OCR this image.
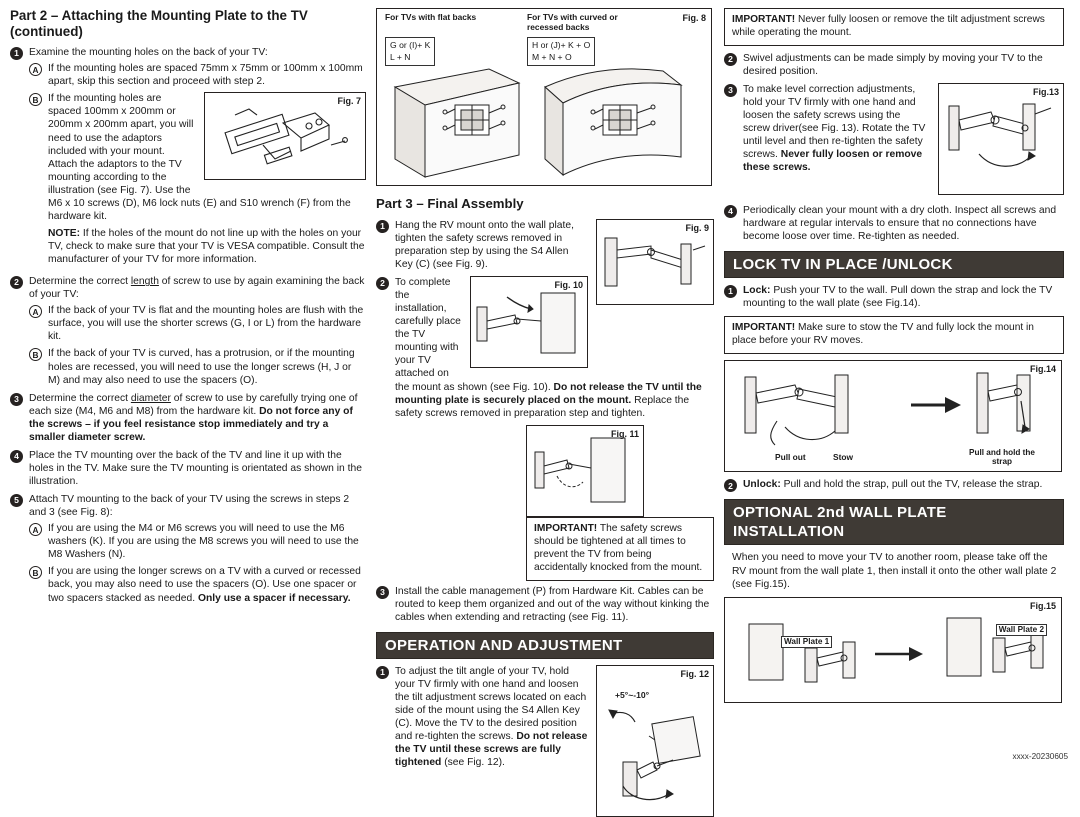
Part 2 – Attaching the Mounting Plate to the TV (continued)
1 Examine the mounting holes on the back of your TV:
A If the mounting holes are spaced 75mm x 75mm or 100mm x 100mm apart, skip this section and proceed with step 2.
Fig. 7
B If the mounting holes are spaced 100mm x 200mm or 200mm x 200mm apart, you will need to use the adaptors included with your mount. Attach the adaptors to the TV mounting according to the illustration (see Fig. 7). Use the M6 x 10 screws (D), M6 lock nuts (E) and S10 wrench (F) from the hardware kit.
NOTE: If the holes of the mount do not line up with the holes on your TV, check to make sure that your TV is VESA compatible. Consult the manufacturer of your TV for more information.
2 Determine the correct length of screw to use by again examining the back of your TV:
A If the back of your TV is flat and the mounting holes are flush with the surface, you will use the shorter screws (G, I or L) from the hardware kit.
B If the back of your TV is curved, has a protrusion, or if the mounting holes are recessed, you will need to use the longer screws (H, J or M) and may also need to use the spacers (O).
3 Determine the correct diameter of screw to use by carefully trying one of each size (M4, M6 and M8) from the hardware kit. Do not force any of the screws – if you feel resistance stop immediately and try a smaller diameter screw.
4 Place the TV mounting over the back of the TV and line it up with the holes in the TV. Make sure the TV mounting is orientated as shown in the illustration.
5 Attach TV mounting to the back of your TV using the screws in steps 2 and 3 (see Fig. 8):
A If you are using the M4 or M6 screws you will need to use the M6 washers (K). If you are using the M8 screws you will need to use the M8 Washers (N).
B If you are using the longer screws on a TV with a curved or recessed back, you may also need to use the spacers (O). Use one spacer or two spacers stacked as needed. Only use a spacer if necessary.
Fig. 8
For TVs with flat backs	For TVs with curved or recessed backs
G or (I)+ K
L + N
H or (J)+ K + O
M + N + O
Part 3 – Final Assembly
Fig. 9
1 Hang the RV mount onto the wall plate, tighten the safety screws removed in preparation step by using the S4 Allen Key (C) (see Fig. 9).
Fig. 10
2 To complete the installation, carefully place the TV mounting with your TV attached on the mount as shown (see Fig. 10). Do not release the TV until the mounting plate is securely placed on the mount. Replace the safety screws removed in preparation step and tighten.
Fig. 11
IMPORTANT! The safety screws should be tightened at all times to prevent the TV from being accidentally knocked from the mount.
3 Install the cable management (P) from Hardware Kit. Cables can be routed to keep them organized and out of the way without kinking the cables when extending and retracting (see Fig. 11).
OPERATION AND ADJUSTMENT
Fig. 12
+5°~-10°
1 To adjust the tilt angle of your TV, hold your TV firmly with one hand and loosen the tilt adjustment screws located on each side of the mount using the S4 Allen Key (C). Move the TV to the desired position and re-tighten the screws. Do not release the TV until these screws are fully tightened (see Fig. 12).
IMPORTANT! Never fully loosen or remove the tilt adjustment screws while operating the mount.
2 Swivel adjustments can be made simply by moving your TV to the desired position.
Fig.13
3 To make level correction adjustments, hold your TV firmly with one hand and loosen the safety screws using the screw driver(see Fig. 13). Rotate the TV until level and then re-tighten the safety screws. Never fully loosen or remove these screws.
4 Periodically clean your mount with a dry cloth. Inspect all screws and hardware at regular intervals to ensure that no connections have become loose over time. Re-tighten as needed.
LOCK TV IN PLACE /UNLOCK
1 Lock: Push your TV to the wall. Pull down the strap and lock the TV mounting to the wall plate (see Fig.14).
IMPORTANT! Make sure to stow the TV and fully lock the mount in place before your RV moves.
Fig.14
Pull out	Stow	Pull and hold the strap
2 Unlock: Pull and hold the strap, pull out the TV, release the strap.
OPTIONAL 2nd WALL PLATE INSTALLATION
When you need to move your TV to another room, please take off the RV mount from the wall plate 1, then install it onto the other wall plate 2 (see Fig.15).
Fig.15
Wall Plate 1
Wall Plate 2
xxxx-20230605
